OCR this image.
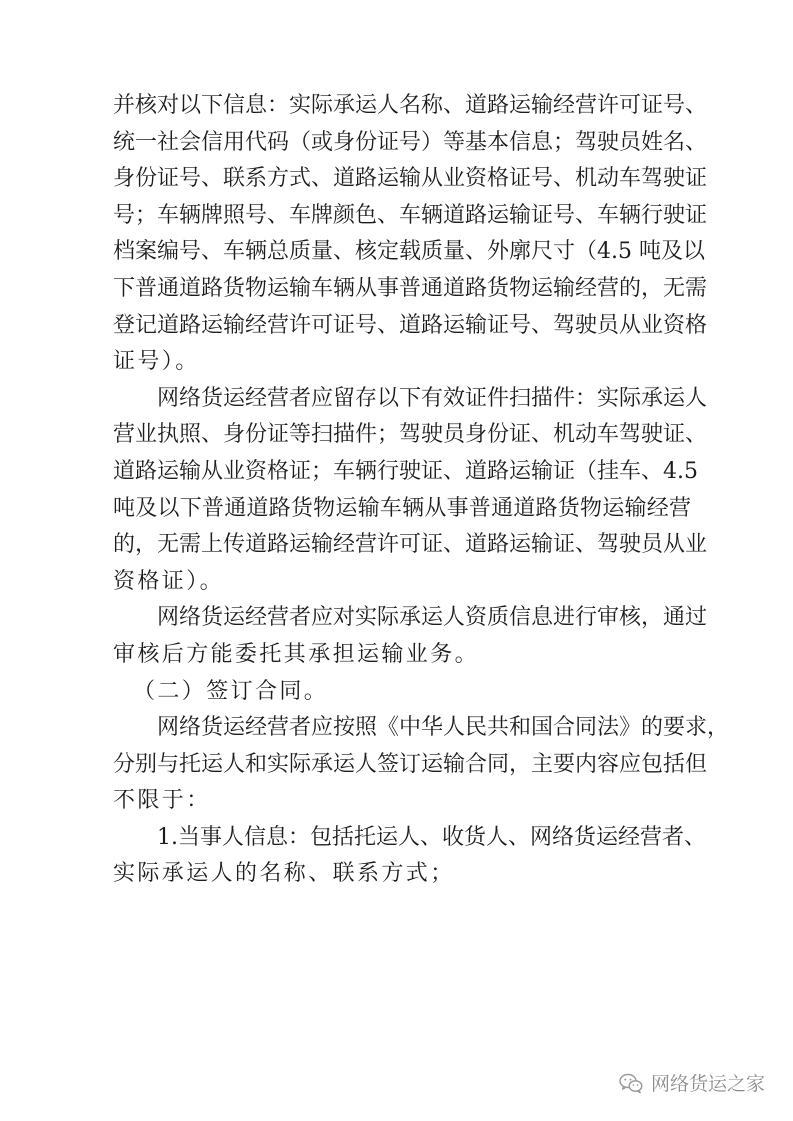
并核对以下信息：实际承运人名称、道路运输经营许可证号、
统一社会信用代码（或身份证号）等基本信息；驾驶员姓名、
身份证号、联系方式、道路运输从业资格证号、机动车驾驶证
号；车辆牌照号、车牌颜色、车辆道路运输证号、车辆行驶证
档案编号、车辆总质量、核定载质量、外廓尺寸（4.5 吨及以
下普通道路货物运输车辆从事普通道路货物运输经营的，无需
登记道路运输经营许可证号、道路运输证号、驾驶员从业资格
证号）。
网络货运经营者应留存以下有效证件扫描件：实际承运人
营业执照、身份证等扫描件；驾驶员身份证、机动车驾驶证、
道路运输从业资格证；车辆行驶证、道路运输证（挂车、4.5
吨及以下普通道路货物运输车辆从事普通道路货物运输经营
的，无需上传道路运输经营许可证、道路运输证、驾驶员从业
资格证）。
网络货运经营者应对实际承运人资质信息进行审核，通过
审核后方能委托其承担运输业务。
（二）签订合同。
网络货运经营者应按照《中华人民共和国合同法》的要求，
分别与托运人和实际承运人签订运输合同，主要内容应包括但
不限于：
1.当事人信息：包括托运人、收货人、网络货运经营者、
实际承运人的名称、联系方式；
网络货运之家
